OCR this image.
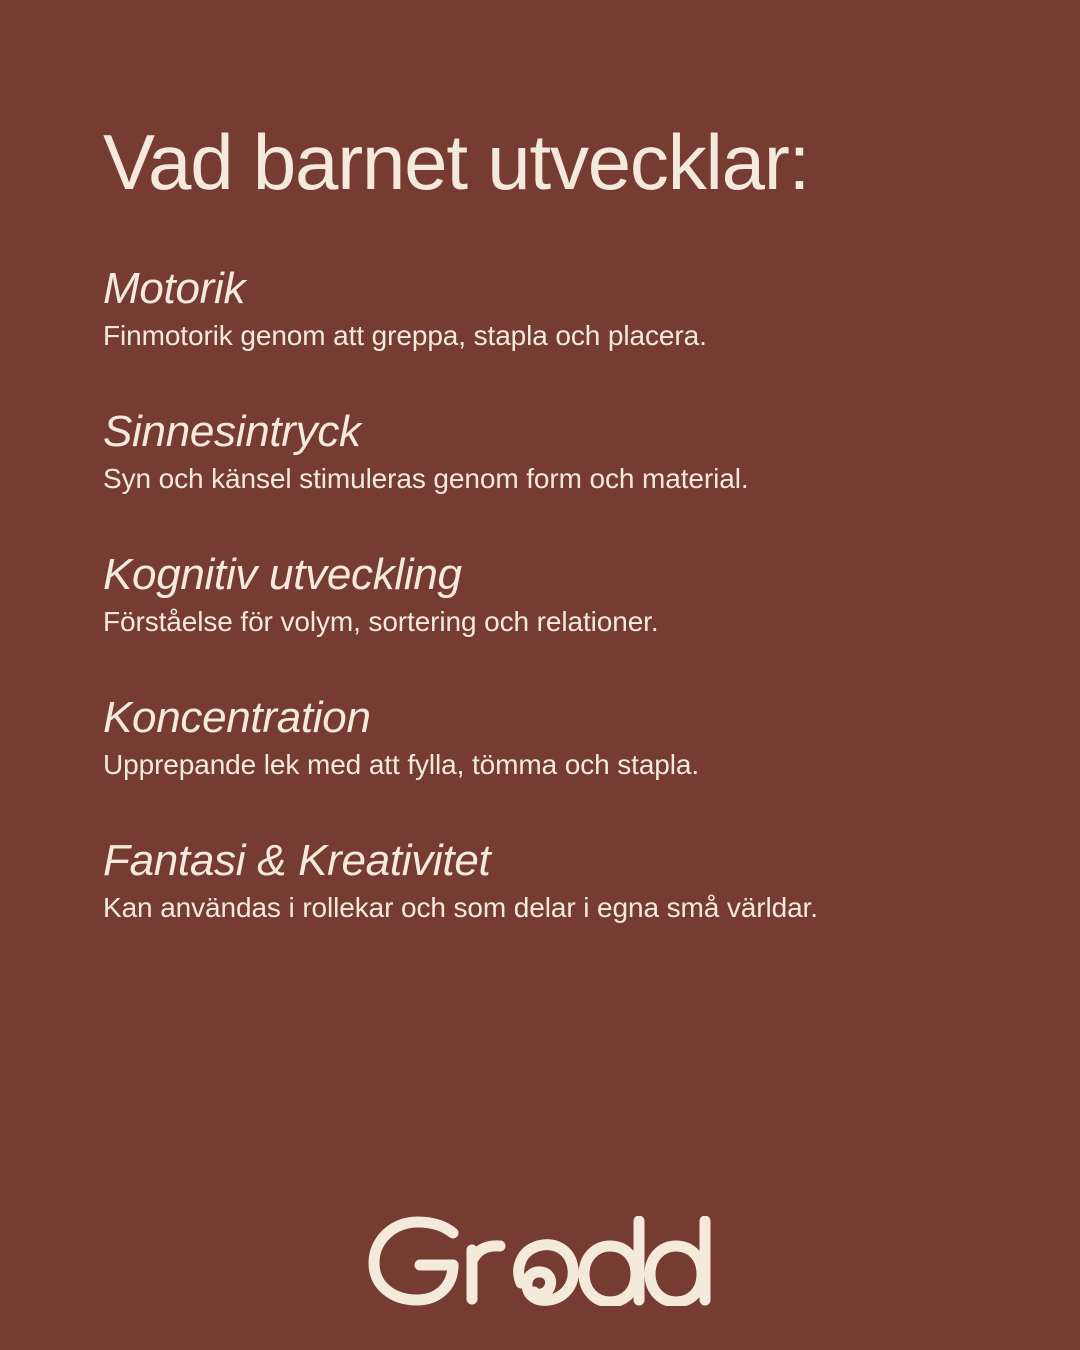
Vad barnet utvecklar:
Motorik

Finmotorik genom att greppa, stapla och placera.

Sinnesintryck

Syn och känsel stimuleras genom form och material.

Kognitiv utveckling

Förståelse för volym, sortering och relationer.

Koncentration

Upprepande lek med att fylla, tömma och stapla.

Fantasi & Kreativitet

Kan användas i rollekar och som delar i egna små världar.
